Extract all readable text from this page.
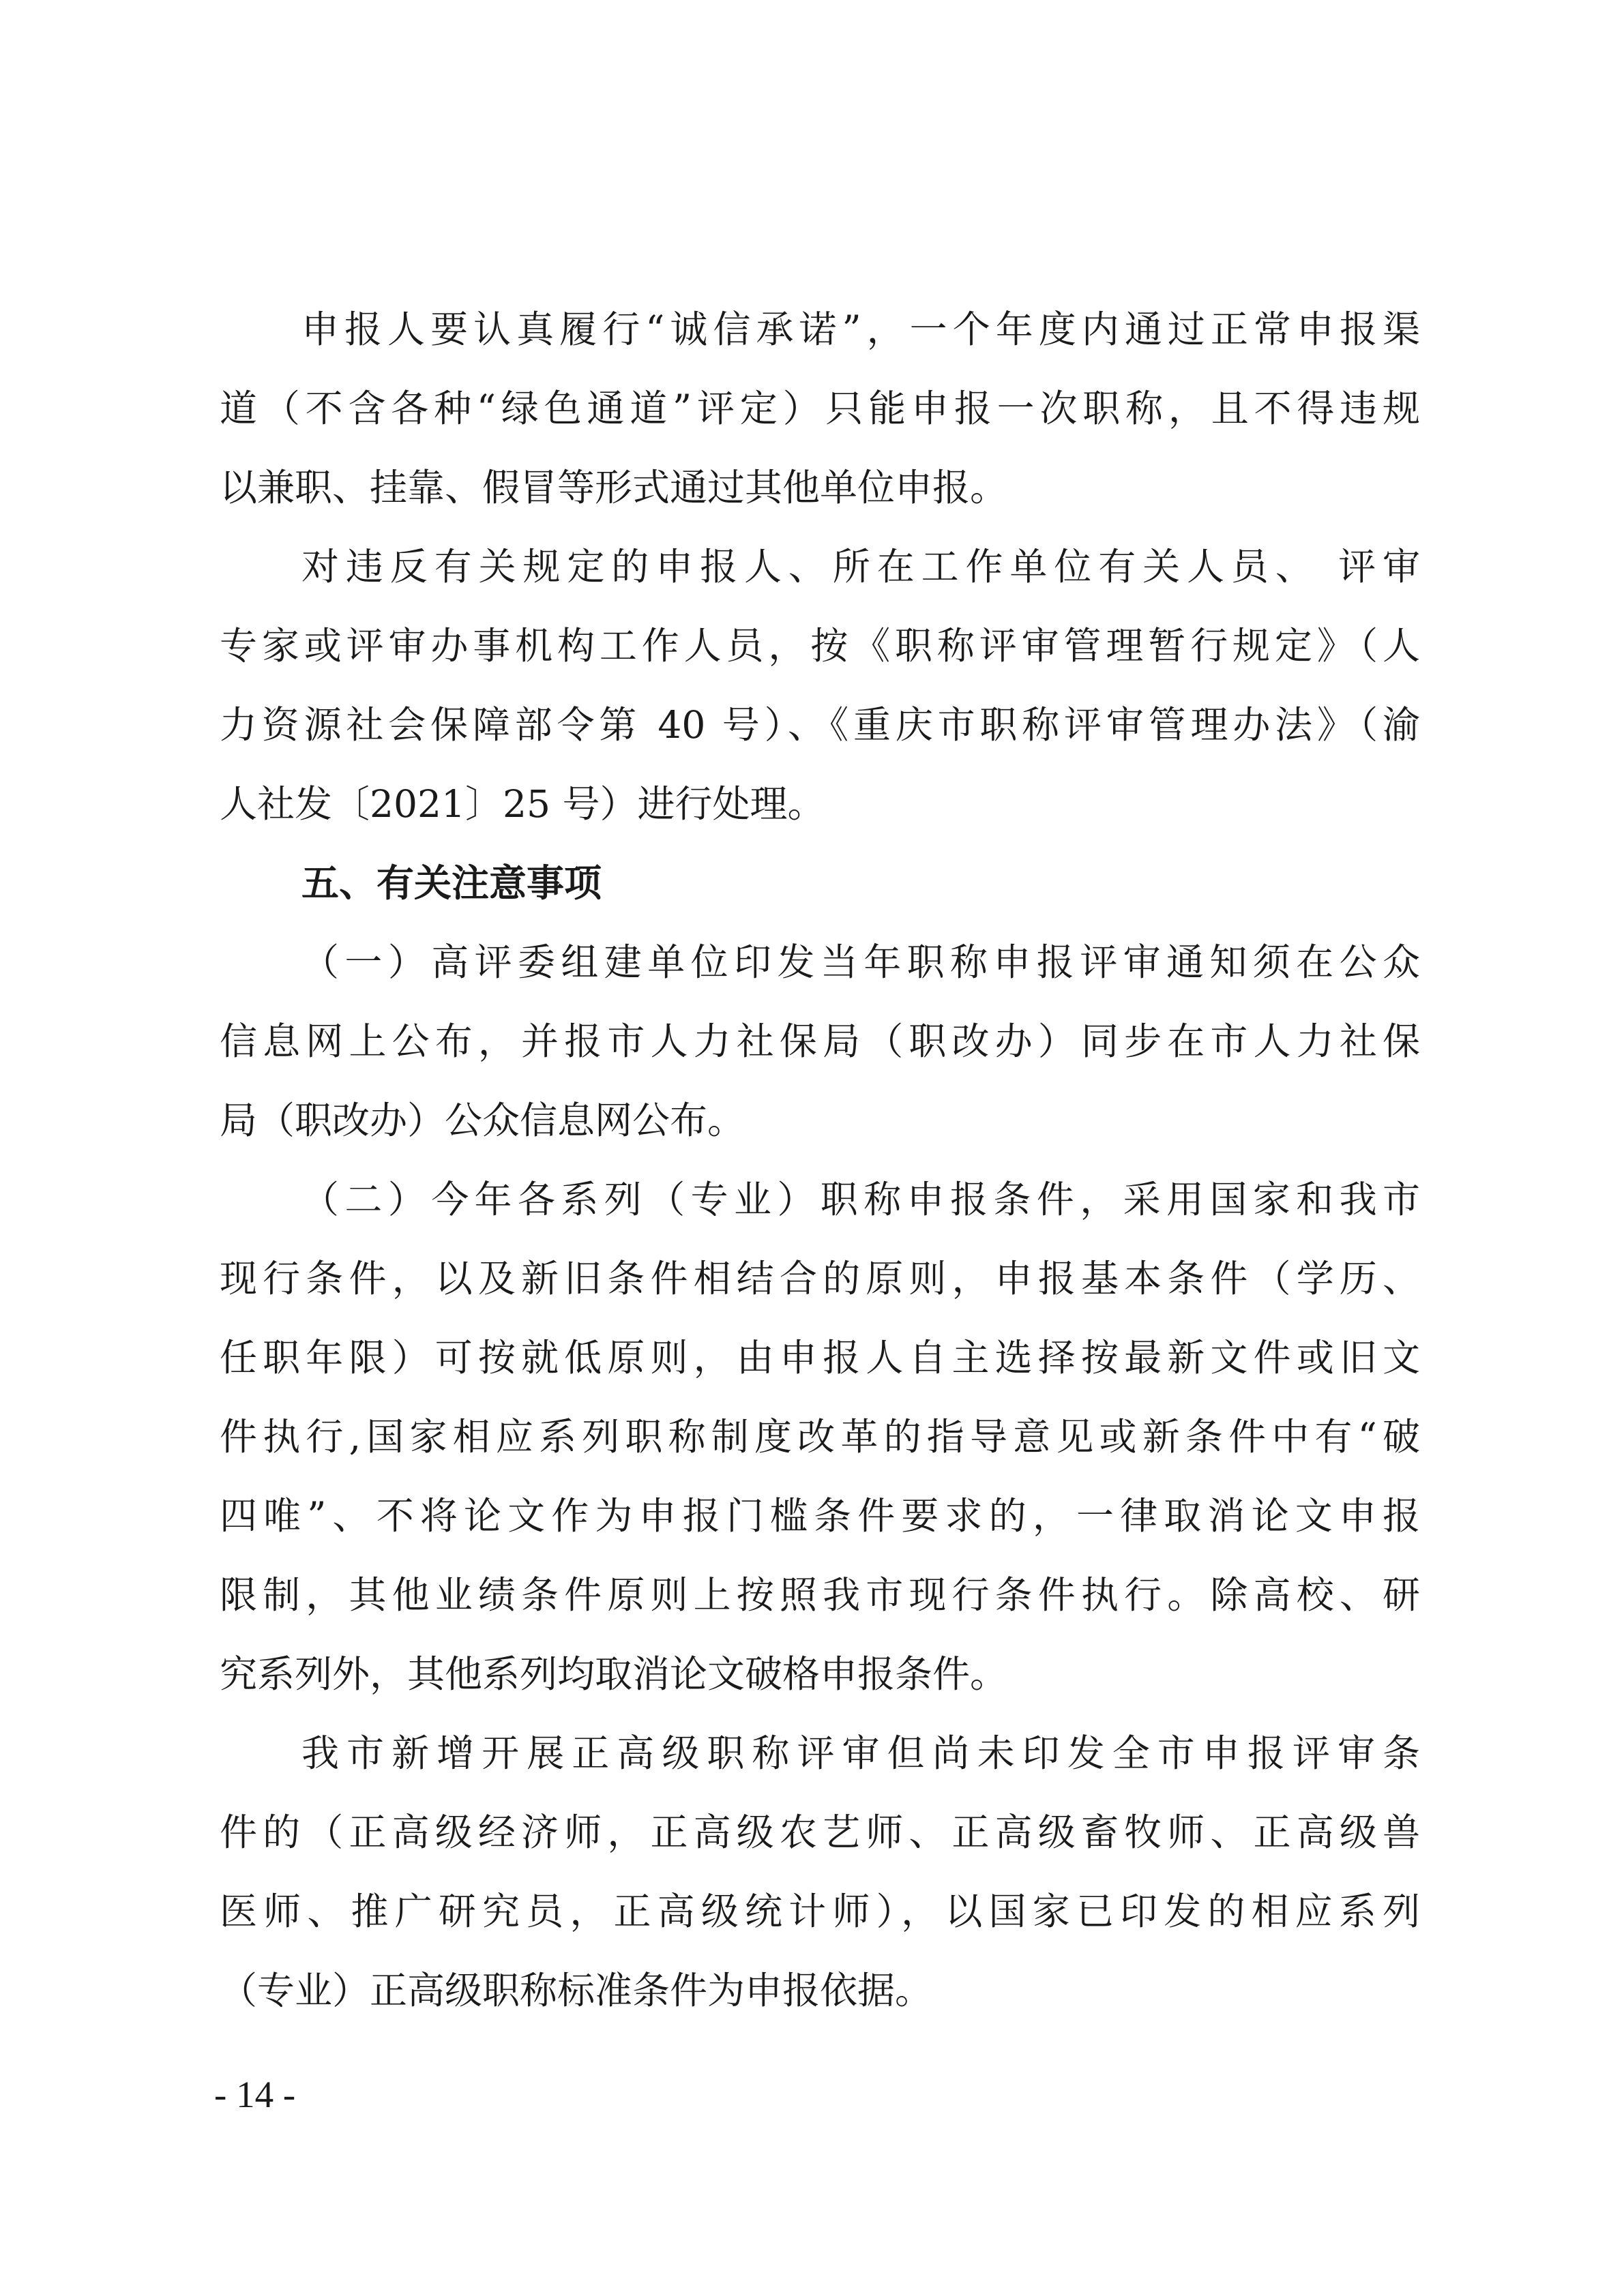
申报人要认真履行“诚信承诺”，一个年度内通过正常申报渠
道（不含各种“绿色通道”评定）只能申报一次职称，且不得违规
以兼职、挂靠、假冒等形式通过其他单位申报。
对违反有关规定的申报人、所在工作单位有关人员、 评审
专家或评审办事机构工作人员，按《职称评审管理暂行规定》（人
力资源社会保障部令第 40 号）、《重庆市职称评审管理办法》（渝
人社发〔2021〕25 号）进行处理。
五、有关注意事项
（一）高评委组建单位印发当年职称申报评审通知须在公众
信息网上公布，并报市人力社保局（职改办）同步在市人力社保
局（职改办）公众信息网公布。
（二）今年各系列（专业）职称申报条件，采用国家和我市
现行条件，以及新旧条件相结合的原则，申报基本条件（学历、
任职年限）可按就低原则，由申报人自主选择按最新文件或旧文
件执行,国家相应系列职称制度改革的指导意见或新条件中有“破
四唯”、不将论文作为申报门槛条件要求的，一律取消论文申报
限制，其他业绩条件原则上按照我市现行条件执行。除高校、研
究系列外，其他系列均取消论文破格申报条件。
我市新增开展正高级职称评审但尚未印发全市申报评审条
件的（正高级经济师，正高级农艺师、正高级畜牧师、正高级兽
医师、推广研究员，正高级统计师），以国家已印发的相应系列
（专业）正高级职称标准条件为申报依据。
- 14 -
